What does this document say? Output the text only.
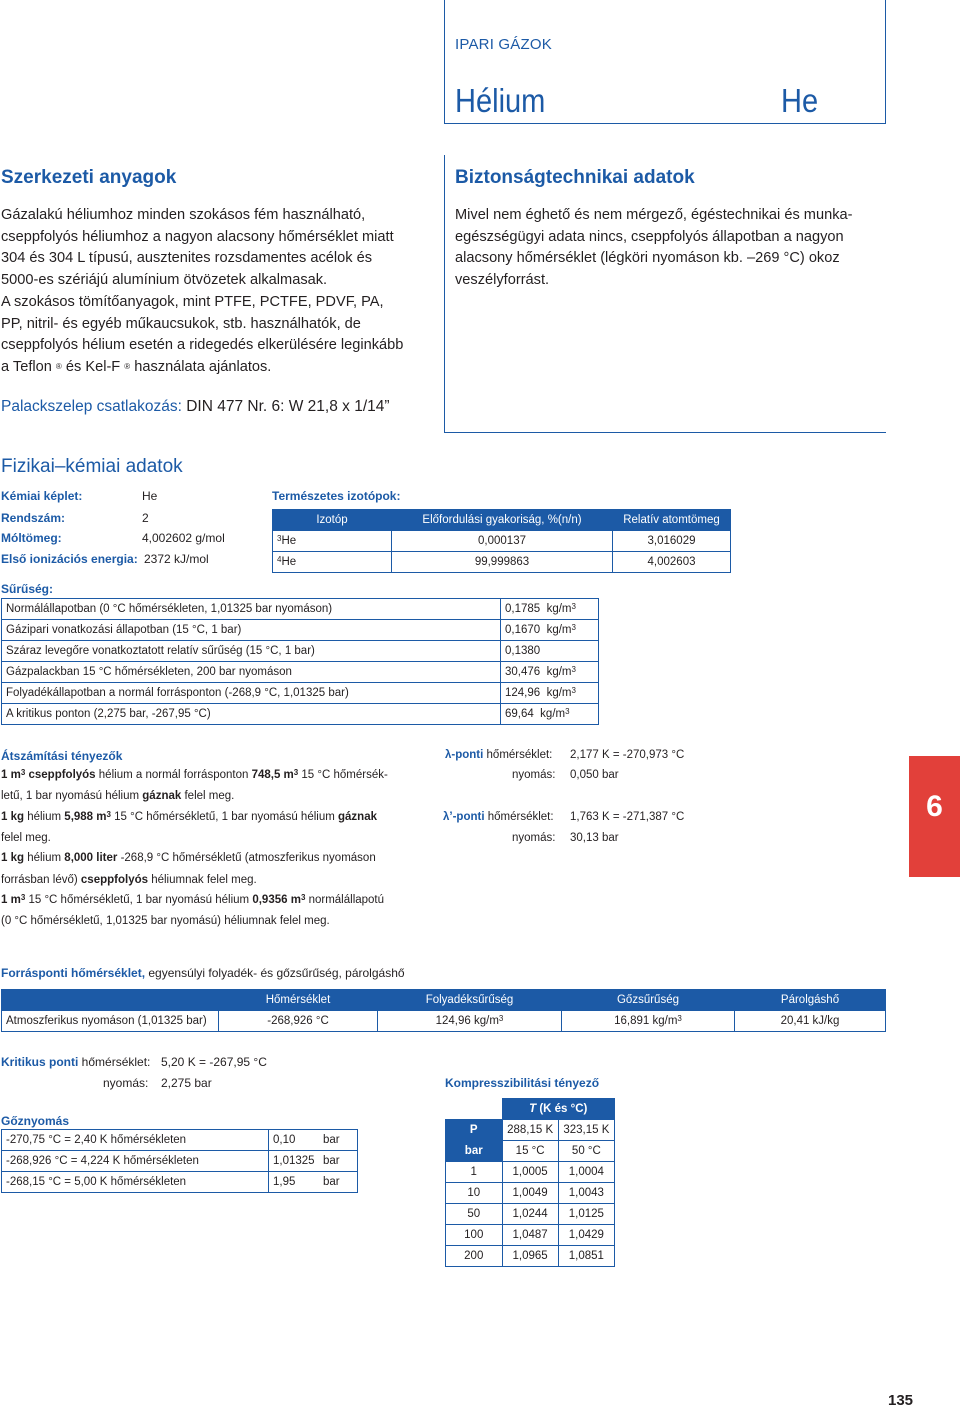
IPARI GÁZOK
Hélium	He
Szerkezeti anyagok
Gázalakú héliumhoz minden szokásos fém használható,
cseppfolyós héliumhoz a nagyon alacsony hőmérséklet miatt
304 és 304 L típusú, ausztenites rozsdamentes acélok és
5000-es szériájú alumínium ötvözetek alkalmasak.
A szokásos tömítőanyagok, mint PTFE, PCTFE, PDVF, PA,
PP, nitril- és egyéb műkaucsukok, stb. használhatók, de
cseppfolyós hélium esetén a ridegedés elkerülésére leginkább
a Teflon ® és Kel-F ® használata ajánlatos.
Biztonságtechnikai adatok
Mivel nem éghető és nem mérgező, égéstechnikai és munka-
egészségügyi adata nincs, cseppfolyós állapotban a nagyon
alacsony hőmérséklet (légköri nyomáson kb. –269 °C) okoz
veszélyforrást.
Palackszelep csatlakozás: DIN 477 Nr. 6: W 21,8 x 1/14”
Fizikai–kémiai adatok
Kémiai képlet:	He
Rendszám:	2
Móltömeg:	4,002602 g/mol
Első ionizációs energia: 2372 kJ/mol
Természetes izotópok:
Izotóp	Előfordulási gyakoriság, %(n/n)	Relatív atomtömeg
$^3$He	0,000137	3,016029
$^4$He	99,999863	4,002603
Sűrűség:
Normálállapotban (0 °C hőmérsékleten, 1,01325 bar nyomáson)	0,1785 $kg/m^3$
Gázipari vonatkozási állapotban (15 °C, 1 bar)	0,1670 $kg/m^3$
Száraz levegőre vonatkoztatott relatív sűrűség (15 °C, 1 bar)	0,1380
Gázpalackban 15 °C hőmérsékleten, 200 bar nyomáson	30,476 $kg/m^3$
Folyadékállapotban a normál forrásponton (-268,9 °C, 1,01325 bar)	124,96 $kg/m^3$
A kritikus ponton (2,275 bar, -267,95 °C)	69,64 $kg/m^3$
Átszámítási tényezők
1 $m^3$ cseppfolyós hélium a normál forrásponton 748,5 $m^3$ 15 °C hőmérsék-
letű, 1 bar nyomású hélium gáznak felel meg.
1 kg hélium 5,988 $m^3$ 15 °C hőmérsékletű, 1 bar nyomású hélium gáznak
felel meg.
1 kg hélium 8,000 liter -268,9 °C hőmérsékletű (atmoszferikus nyomáson
forrásban lévő) cseppfolyós héliumnak felel meg.
1 $m^3$ 15 °C hőmérsékletű, 1 bar nyomású hélium 0,9356 $m^3$ normálállapotú
(0 °C hőmérsékletű, 1,01325 bar nyomású) héliumnak felel meg.
λ-ponti hőmérséklet: 2,177 K = -270,973 °C
nyomás: 0,050 bar
λ’-ponti hőmérséklet: 1,763 K = -271,387 °C
nyomás: 30,13 bar
6
Forrásponti hőmérséklet, egyensúlyi folyadék- és gőzsűrűség, párolgáshő
	Hőmérséklet	Folyadéksűrűség	Gőzsűrűség	Párolgáshő
Atmoszferikus nyomáson (1,01325 bar)	-268,926 °C	124,96 $kg/m^3$	16,891 $kg/m^3$	20,41 kJ/kg
Kritikus ponti hőmérséklet: 5,20 K = -267,95 °C
nyomás: 2,275 bar
Gőznyomás
-270,75 °C = 2,40 K hőmérsékleten	0,10	bar
-268,926 °C = 4,224 K hőmérsékleten	1,01325	bar
-268,15 °C = 5,00 K hőmérsékleten	1,95	bar
Kompresszibilitási tényező
	T (K és °C)	
P	288,15 K	323,15 K
bar	15 °C	50 °C
1	1,0005	1,0004
10	1,0049	1,0043
50	1,0244	1,0125
100	1,0487	1,0429
200	1,0965	1,0851
135
